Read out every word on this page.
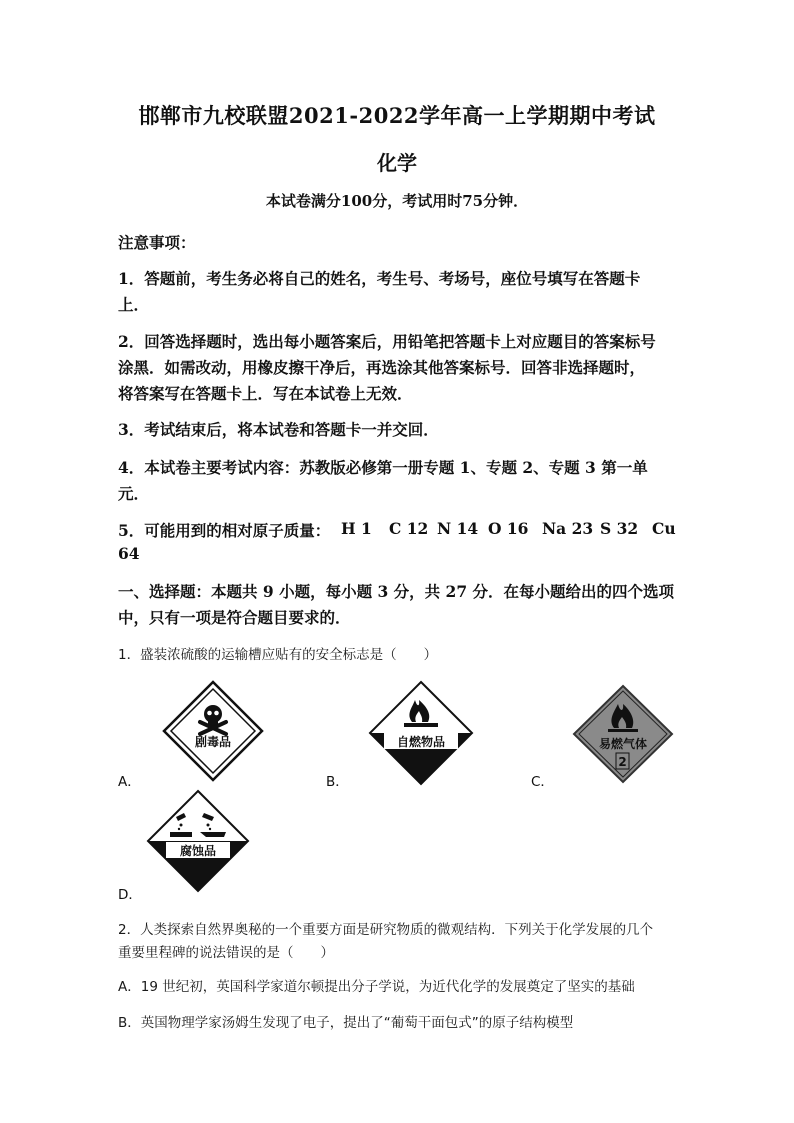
邯郸市九校联盟2021-2022学年高一上学期期中考试
化学
本试卷满分100分，考试用时75分钟．
注意事项：
1．答题前，考生务必将自己的姓名，考生号、考场号，座位号填写在答题卡
上．
2．回答选择题时，选出每小题答案后，用铅笔把答题卡上对应题目的答案标号
涂黑．如需改动，用橡皮擦干净后，再选涂其他答案标号．回答非选择题时，
将答案写在答题卡上．写在本试卷上无效．
3．考试结束后，将本试卷和答题卡一并交回．
4．本试卷主要考试内容：苏教版必修第一册专题 1、专题 2、专题 3 第一单
元．
5．可能用到的相对原子质量： H 1 C 12 N 14 O 16 Na 23 S 32 Cu
64
一、选择题：本题共 9 小题，每小题 3 分，共 27 分．在每小题给出的四个选项
中，只有一项是符合题目要求的．
1．盛装浓硫酸的运输槽应贴有的安全标志是（　　）
A．
剧毒品
B．
自燃物品
C．
易燃气体
2
D．
腐蚀品
2．人类探索自然界奥秘的一个重要方面是研究物质的微观结构．下列关于化学发展的几个
重要里程碑的说法错误的是（　　）
A．19 世纪初，英国科学家道尔顿提出分子学说，为近代化学的发展奠定了坚实的基础
B．英国物理学家汤姆生发现了电子，提出了“葡萄干面包式”的原子结构模型
